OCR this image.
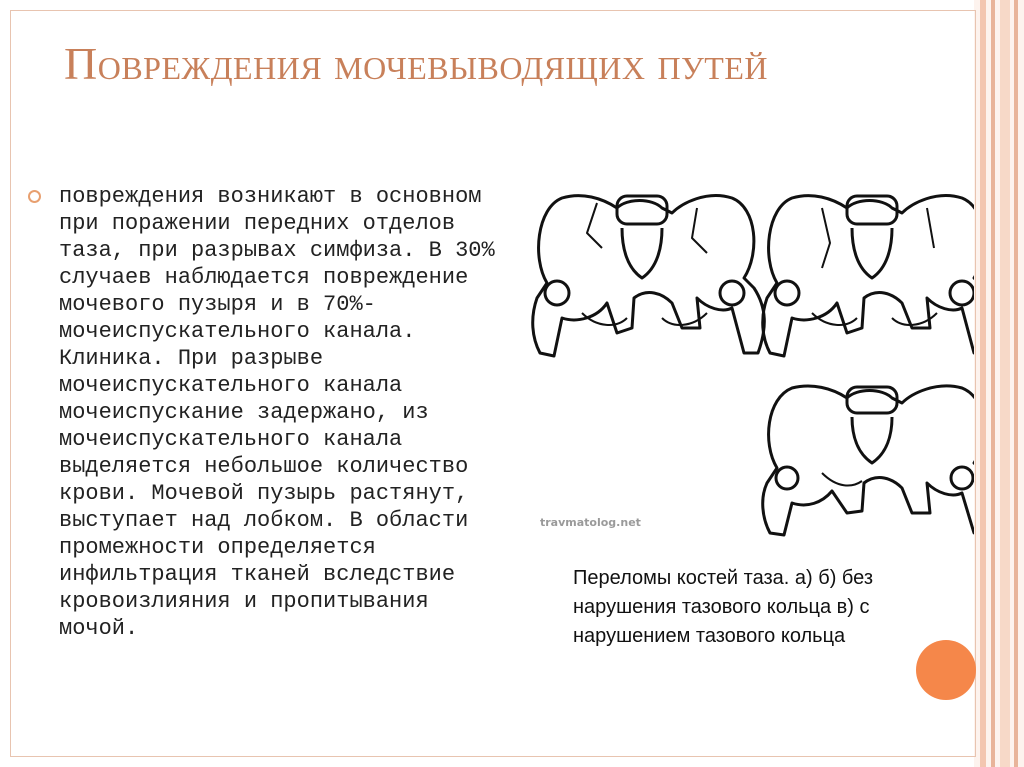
Повреждения мочевыводящих путей
повреждения возникают в основном при поражении передних отделов таза, при разрывах симфиза. В 30% случаев наблюдается повреждение мочевого пузыря и в 70%-мочеиспускательного канала. Клиника. При разрыве мочеиспускательного канала мочеиспускание задержано, из мочеиспускательного канала выделяется небольшое количество крови. Мочевой пузырь растянут, выступает над лобком. В области промежности определяется инфильтрация тканей вследствие кровоизлияния и пропитывания мочой.
travmatolog.net
Переломы костей таза. а) б) без нарушения тазового кольца в) с нарушением тазового кольца
